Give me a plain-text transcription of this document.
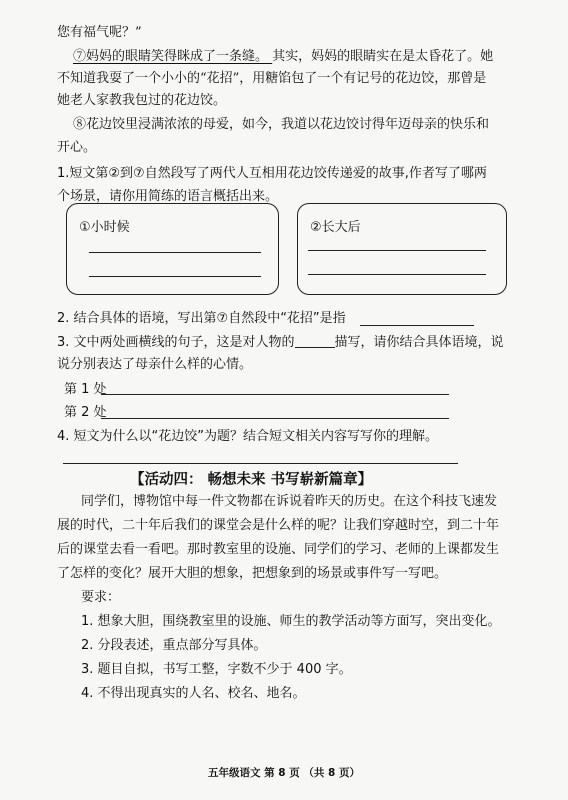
您有福气呢？”
⑦妈妈的眼睛笑得眯成了一条缝。 其实，妈妈的眼睛实在是太昏花了。她
不知道我耍了一个小小的“花招”，用糖馅包了一个有记号的花边饺，那曾是
她老人家教我包过的花边饺。
⑧花边饺里浸满浓浓的母爱，如今，我道以花边饺讨得年迈母亲的快乐和
开心。
1.短文第②到⑦自然段写了两代人互相用花边饺传递爱的故事,作者写了哪两
个场景，请你用简练的语言概括出来。
①小时候	②长大后
2. 结合具体的语境，写出第⑦自然段中“花招”是指
3. 文中两处画横线的句子，这是对人物的	描写，请你结合具体语境，说
说分别表达了母亲什么样的心情。
第 1 处
第 2 处
4. 短文为什么以“花边饺”为题？结合短文相关内容写写你的理解。
【活动四： 畅想未来 书写崭新篇章】
同学们，博物馆中每一件文物都在诉说着昨天的历史。在这个科技飞速发
展的时代，二十年后我们的课堂会是什么样的呢？让我们穿越时空，到二十年
后的课堂去看一看吧。那时教室里的设施、同学们的学习、老师的上课都发生
了怎样的变化？展开大胆的想象，把想象到的场景或事件写一写吧。
要求：
1. 想象大胆，围绕教室里的设施、师生的教学活动等方面写，突出变化。
2. 分段表述，重点部分写具体。
3. 题目自拟，书写工整，字数不少于 400 字。
4. 不得出现真实的人名、校名、地名。
五年级语文 第 8 页 （共 8 页）
